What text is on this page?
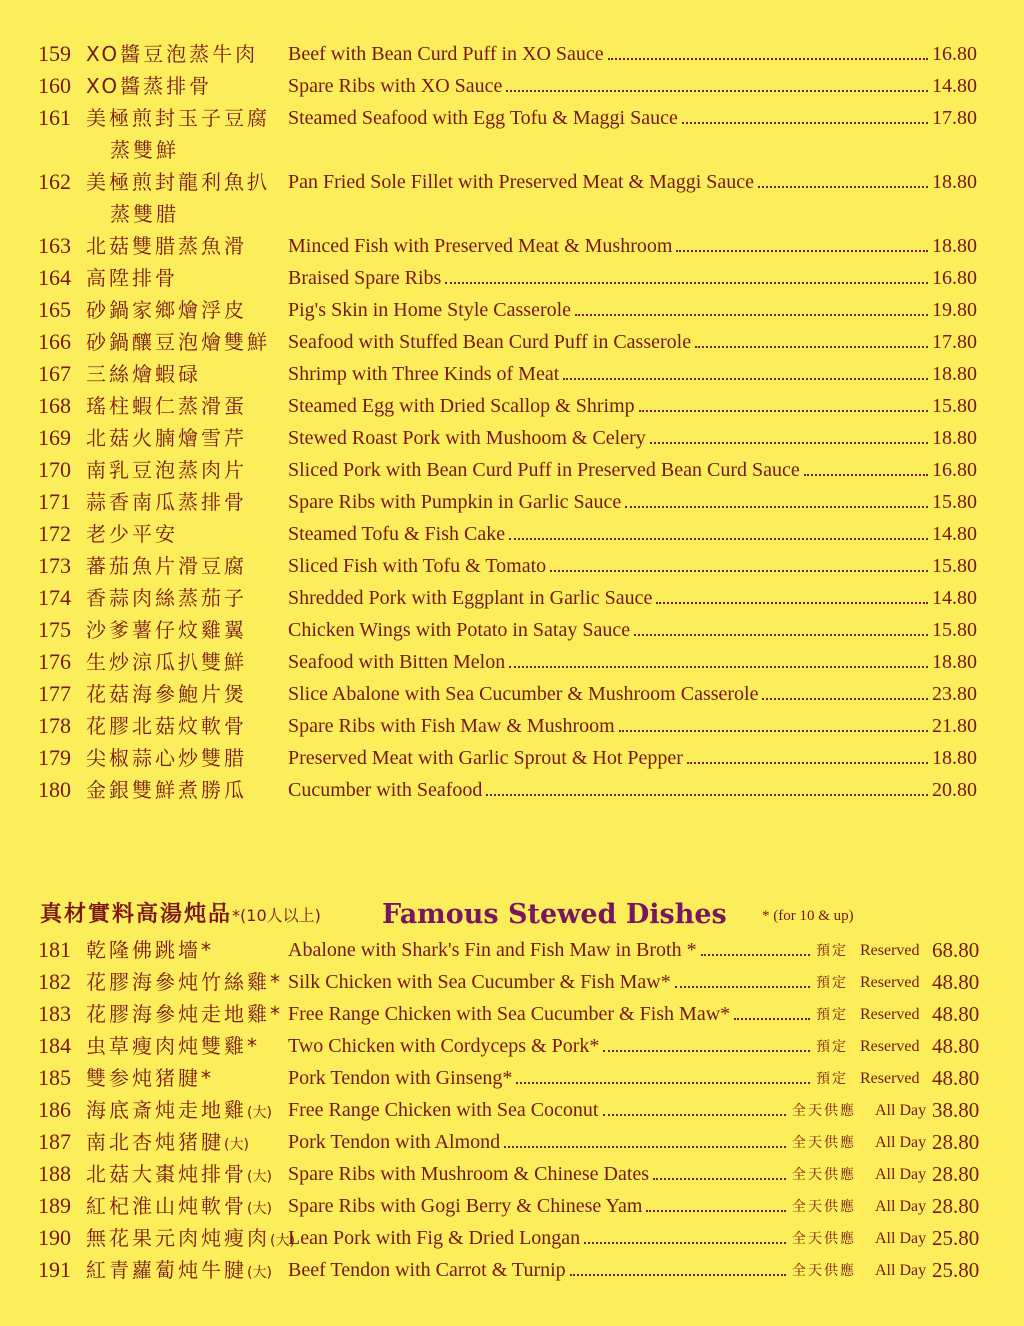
159 XO醬豆泡蒸牛肉 Beef with Bean Curd Puff in XO Sauce	16.80
160 XO醬蒸排骨	Spare Ribs with XO Sauce	14.80
161 美極煎封玉子豆腐
蒸雙鮮
Steamed Seafood with Egg Tofu & Maggi Sauce	17.80
162 美極煎封龍利魚扒
蒸雙腊
Pan Fried Sole Fillet with Preserved Meat & Maggi Sauce	18.80
163 北菇雙腊蒸魚滑 Minced Fish with Preserved Meat & Mushroom	18.80
164 高陞排骨	Braised Spare Ribs	16.80
165 砂鍋家鄉燴浮皮 Pig's Skin in Home Style Casserole	19.80
166 砂鍋釀豆泡燴雙鮮 Seafood with Stuffed Bean Curd Puff in Casserole	17.80
167 三絲燴蝦碌	Shrimp with Three Kinds of Meat	18.80
168 瑤柱蝦仁蒸滑蛋 Steamed Egg with Dried Scallop & Shrimp	15.80
169 北菇火腩燴雪芹 Stewed Roast Pork with Mushoom & Celery	18.80
170 南乳豆泡蒸肉片 Sliced Pork with Bean Curd Puff in Preserved Bean Curd Sauce	16.80
171 蒜香南瓜蒸排骨 Spare Ribs with Pumpkin in Garlic Sauce	15.80
172 老少平安	Steamed Tofu & Fish Cake	14.80
173 蕃茄魚片滑豆腐 Sliced Fish with Tofu & Tomato	15.80
174 香蒜肉絲蒸茄子 Shredded Pork with Eggplant in Garlic Sauce	14.80
175 沙爹薯仔炆雞翼 Chicken Wings with Potato in Satay Sauce	15.80
176 生炒涼瓜扒雙鮮 Seafood with Bitten Melon	18.80
177 花菇海參鮑片煲 Slice Abalone with Sea Cucumber & Mushroom Casserole	23.80
178 花膠北菇炆軟骨 Spare Ribs with Fish Maw & Mushroom	21.80
179 尖椒蒜心炒雙腊 Preserved Meat with Garlic Sprout & Hot Pepper	18.80
180 金銀雙鮮煮勝瓜 Cucumber with Seafood	20.80
真材實料高湯炖品*(10人以上) Famous Stewed Dishes * (for 10 & up)
181 乾隆佛跳墻*	Abalone with Shark's Fin and Fish Maw in Broth *	預定 Reserved 68.80
182 花膠海參炖竹絲雞* Silk Chicken with Sea Cucumber & Fish Maw*	預定 Reserved 48.80
183 花膠海參炖走地雞* Free Range Chicken with Sea Cucumber & Fish Maw*	預定 Reserved 48.80
184 虫草瘦肉炖雙雞* Two Chicken with Cordyceps & Pork*	預定 Reserved 48.80
185 雙参炖猪腱*	Pork Tendon with Ginseng*	預定 Reserved 48.80
186 海底斎炖走地雞(大) Free Range Chicken with Sea Coconut	全天供應 All Day 38.80
187 南北杏炖猪腱(大) Pork Tendon with Almond	全天供應 All Day 28.80
188 北菇大棗炖排骨(大) Spare Ribs with Mushroom & Chinese Dates	全天供應 All Day 28.80
189 紅杞淮山炖軟骨(大) Spare Ribs with Gogi Berry & Chinese Yam	全天供應 All Day 28.80
190 無花果元肉炖瘦肉(大)
Lean Pork with Fig & Dried Longan	全天供應 All Day 25.80
191 紅青蘿蔔炖牛腱(大) Beef Tendon with Carrot & Turnip	全天供應 All Day 25.80
